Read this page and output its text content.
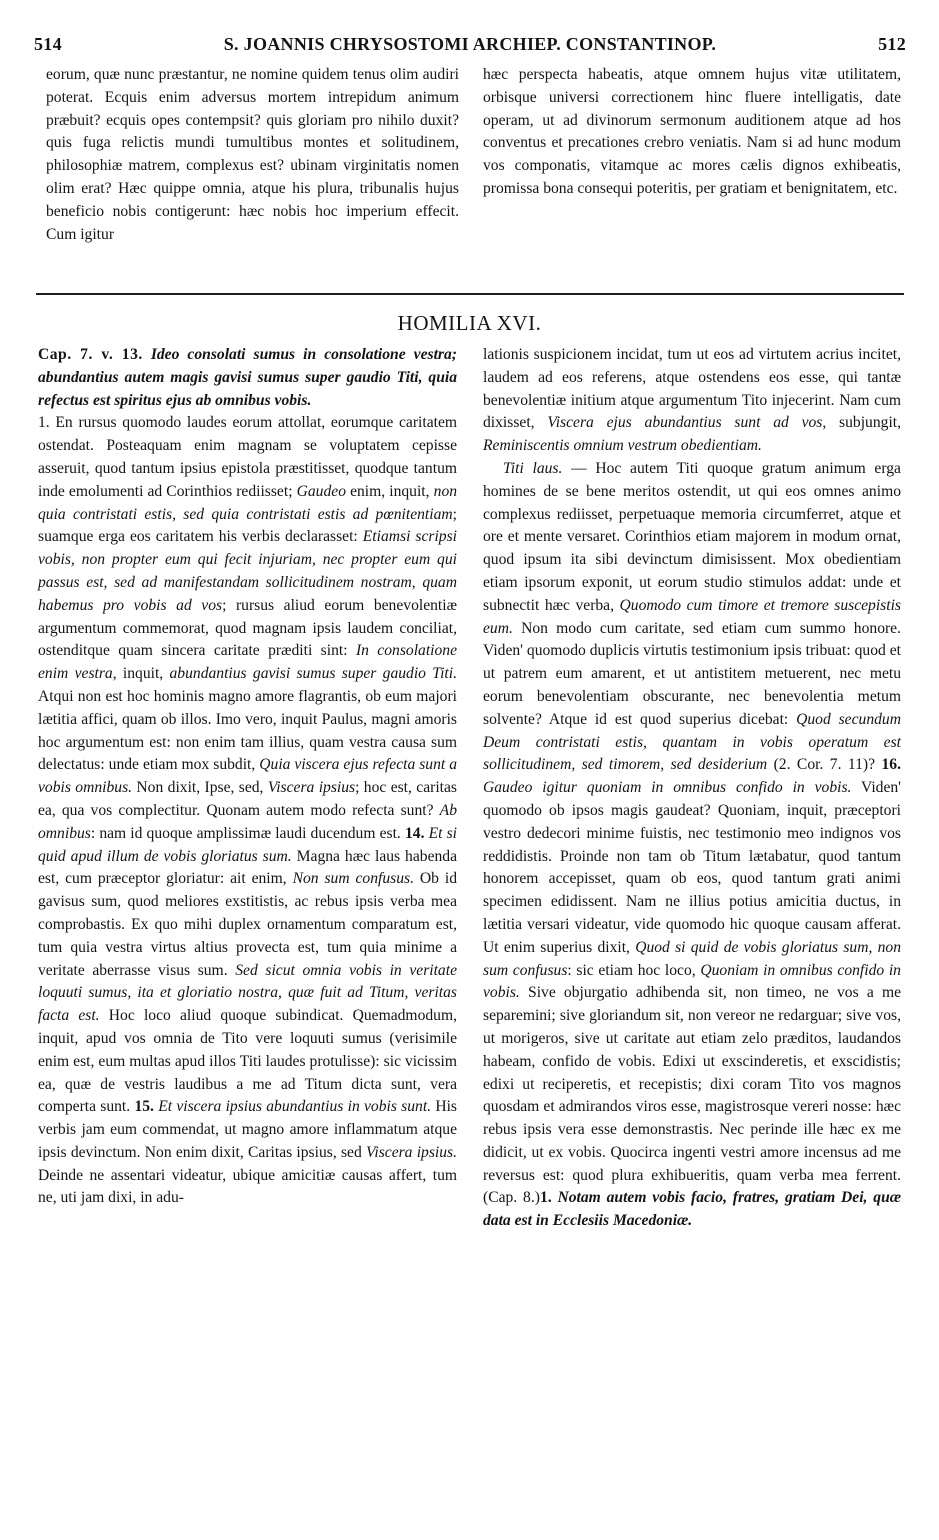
514	S. JOANNIS CHRYSOSTOMI ARCHIEP. CONSTANTINOP.	512

eorum, quæ nunc præstantur, ne nomine quidem tenus olim audiri poterat. Ecquis enim adversus mortem intrepidum animum præbuit? ecquis opes contempsit? quis gloriam pro nihilo duxit? quis fuga relictis mundi tumultibus montes et solitudinem, philosophiæ matrem, complexus est? ubinam virginitatis nomen olim erat? Hæc quippe omnia, atque his plura, tribunalis hujus beneficio nobis contigerunt: hæc nobis hoc imperium effecit. Cum igitur

hæc perspecta habeatis, atque omnem hujus vitæ utilitatem, orbisque universi correctionem hinc fluere intelligatis, date operam, ut ad divinorum sermonum auditionem atque ad hos conventus et precationes crebro veniatis. Nam si ad hunc modum vos componatis, vitamque ac mores cælis dignos exhibeatis, promissa bona consequi poteritis, per gratiam et benignitatem, etc.

HOMILIA XVI.

Cap. 7. v. 13. Ideo consolati sumus in consolatione vestra; abundantius autem magis gavisi sumus super gaudio Titi, quia refectus est spiritus ejus ab omnibus vobis.

1. En rursus quomodo laudes eorum attollat, eorumque caritatem ostendat. Posteaquam enim magnam se voluptatem cepisse asseruit, quod tantum ipsius epistola præstitisset, quodque tantum inde emolumenti ad Corinthios rediisset; Gaudeo enim, inquit, non quia contristati estis, sed quia contristati estis ad pœnitentiam; suamque erga eos caritatem his verbis declarasset: Etiamsi scripsi vobis, non propter eum qui fecit injuriam, nec propter eum qui passus est, sed ad manifestandam sollicitudinem nostram, quam habemus pro vobis ad vos; rursus aliud eorum benevolentiæ argumentum commemorat, quod magnam ipsis laudem conciliat, ostenditque quam sincera caritate præditi sint: In consolatione enim vestra, inquit, abundantius gavisi sumus super gaudio Titi. Atqui non est hoc hominis magno amore flagrantis, ob eum majori lætitia affici, quam ob illos. Imo vero, inquit Paulus, magni amoris hoc argumentum est: non enim tam illius, quam vestra causa sum delectatus: unde etiam mox subdit, Quia viscera ejus refecta sunt a vobis omnibus. Non dixit, Ipse, sed, Viscera ipsius; hoc est, caritas ea, qua vos complectitur. Quonam autem modo refecta sunt? Ab omnibus: nam id quoque amplissimæ laudi ducendum est. 14. Et si quid apud illum de vobis gloriatus sum. Magna hæc laus habenda est, cum præceptor gloriatur: ait enim, Non sum confusus. Ob id gavisus sum, quod meliores exstitistis, ac rebus ipsis verba mea comprobastis. Ex quo mihi duplex ornamentum comparatum est, tum quia vestra virtus altius provecta est, tum quia minime a veritate aberrasse visus sum. Sed sicut omnia vobis in veritate loquuti sumus, ita et gloriatio nostra, quæ fuit ad Titum, veritas facta est. Hoc loco aliud quoque subindicat. Quemadmodum, inquit, apud vos omnia de Tito vere loquuti sumus (verisimile enim est, eum multas apud illos Titi laudes protulisse): sic vicissim ea, quæ de vestris laudibus a me ad Titum dicta sunt, vera comperta sunt. 15. Et viscera ipsius abundantius in vobis sunt. His verbis jam eum commendat, ut magno amore inflammatum atque ipsis devinctum. Non enim dixit, Caritas ipsius, sed Viscera ipsius. Deinde ne assentari videatur, ubique amicitiæ causas affert, tum ne, uti jam dixi, in adu-

lationis suspicionem incidat, tum ut eos ad virtutem acrius incitet, laudem ad eos referens, atque ostendens eos esse, qui tantæ benevolentiæ initium atque argumentum Tito injecerint. Nam cum dixisset, Viscera ejus abundantius sunt ad vos, subjungit, Reminiscentis omnium vestrum obedientiam.

Titi laus. — Hoc autem Titi quoque gratum animum erga homines de se bene meritos ostendit, ut qui eos omnes animo complexus rediisset, perpetuaque memoria circumferret, atque et ore et mente versaret. Corinthios etiam majorem in modum ornat, quod ipsum ita sibi devinctum dimisissent. Mox obedientiam etiam ipsorum exponit, ut eorum studio stimulos addat: unde et subnectit hæc verba, Quomodo cum timore et tremore suscepistis eum. Non modo cum caritate, sed etiam cum summo honore. Viden' quomodo duplicis virtutis testimonium ipsis tribuat: quod et ut patrem eum amarent, et ut antistitem metuerent, nec metu eorum benevolentiam obscurante, nec benevolentia metum solvente? Atque id est quod superius dicebat: Quod secundum Deum contristati estis, quantam in vobis operatum est sollicitudinem, sed timorem, sed desiderium (2. Cor. 7. 11)? 16. Gaudeo igitur quoniam in omnibus confido in vobis. Viden' quomodo ob ipsos magis gaudeat? Quoniam, inquit, præceptori vestro dedecori minime fuistis, nec testimonio meo indignos vos reddidistis. Proinde non tam ob Titum lætabatur, quod tantum honorem accepisset, quam ob eos, quod tantum grati animi specimen edidissent. Nam ne illius potius amicitia ductus, in lætitia versari videatur, vide quomodo hic quoque causam afferat. Ut enim superius dixit, Quod si quid de vobis gloriatus sum, non sum confusus: sic etiam hoc loco, Quoniam in omnibus confido in vobis. Sive objurgatio adhibenda sit, non timeo, ne vos a me separemini; sive gloriandum sit, non vereor ne redarguar; sive vos, ut morigeros, sive ut caritate aut etiam zelo præditos, laudandos habeam, confido de vobis. Edixi ut exscinderetis, et exscidistis; edixi ut reciperetis, et recepistis; dixi coram Tito vos magnos quosdam et admirandos viros esse, magistrosque vereri nosse: hæc rebus ipsis vera esse demonstrastis. Nec perinde ille hæc ex me didicit, ut ex vobis. Quocirca ingenti vestri amore incensus ad me reversus est: quod plura exhibueritis, quam verba mea ferrent. (Cap. 8.)1. Notam autem vobis facio, fratres, gratiam Dei, quæ data est in Ecclesiis Macedoniæ.
